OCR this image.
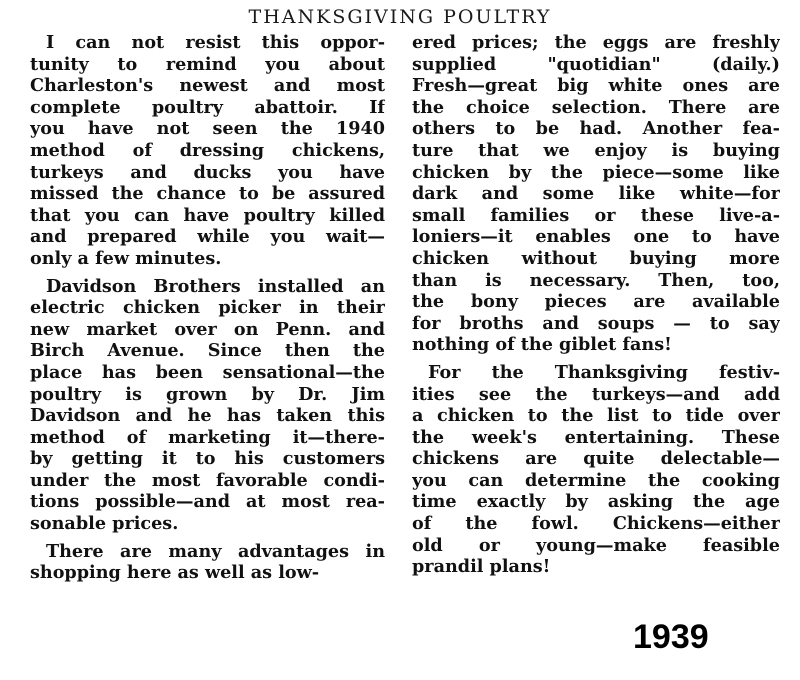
THANKSGIVING POULTRY
I can not resist this oppor-
tunity to remind you about
Charleston's newest and most
complete poultry abattoir. If
you have not seen the 1940
method of dressing chickens,
turkeys and ducks you have
missed the chance to be assured
that you can have poultry killed
and prepared while you wait—
only a few minutes.
Davidson Brothers installed an
electric chicken picker in their
new market over on Penn. and
Birch Avenue. Since then the
place has been sensational—the
poultry is grown by Dr. Jim
Davidson and he has taken this
method of marketing it—there-
by getting it to his customers
under the most favorable condi-
tions possible—and at most rea-
sonable prices.
There are many advantages in
shopping here as well as low-
ered prices; the eggs are freshly
supplied "quotidian" (daily.)
Fresh—great big white ones are
the choice selection. There are
others to be had. Another fea-
ture that we enjoy is buying
chicken by the piece—some like
dark and some like white—for
small families or these live-a-
loniers—it enables one to have
chicken without buying more
than is necessary. Then, too,
the bony pieces are available
for broths and soups — to say
nothing of the giblet fans!
For the Thanksgiving festiv-
ities see the turkeys—and add
a chicken to the list to tide over
the week's entertaining. These
chickens are quite delectable—
you can determine the cooking
time exactly by asking the age
of the fowl. Chickens—either
old or young—make feasible
prandil plans!
1939
